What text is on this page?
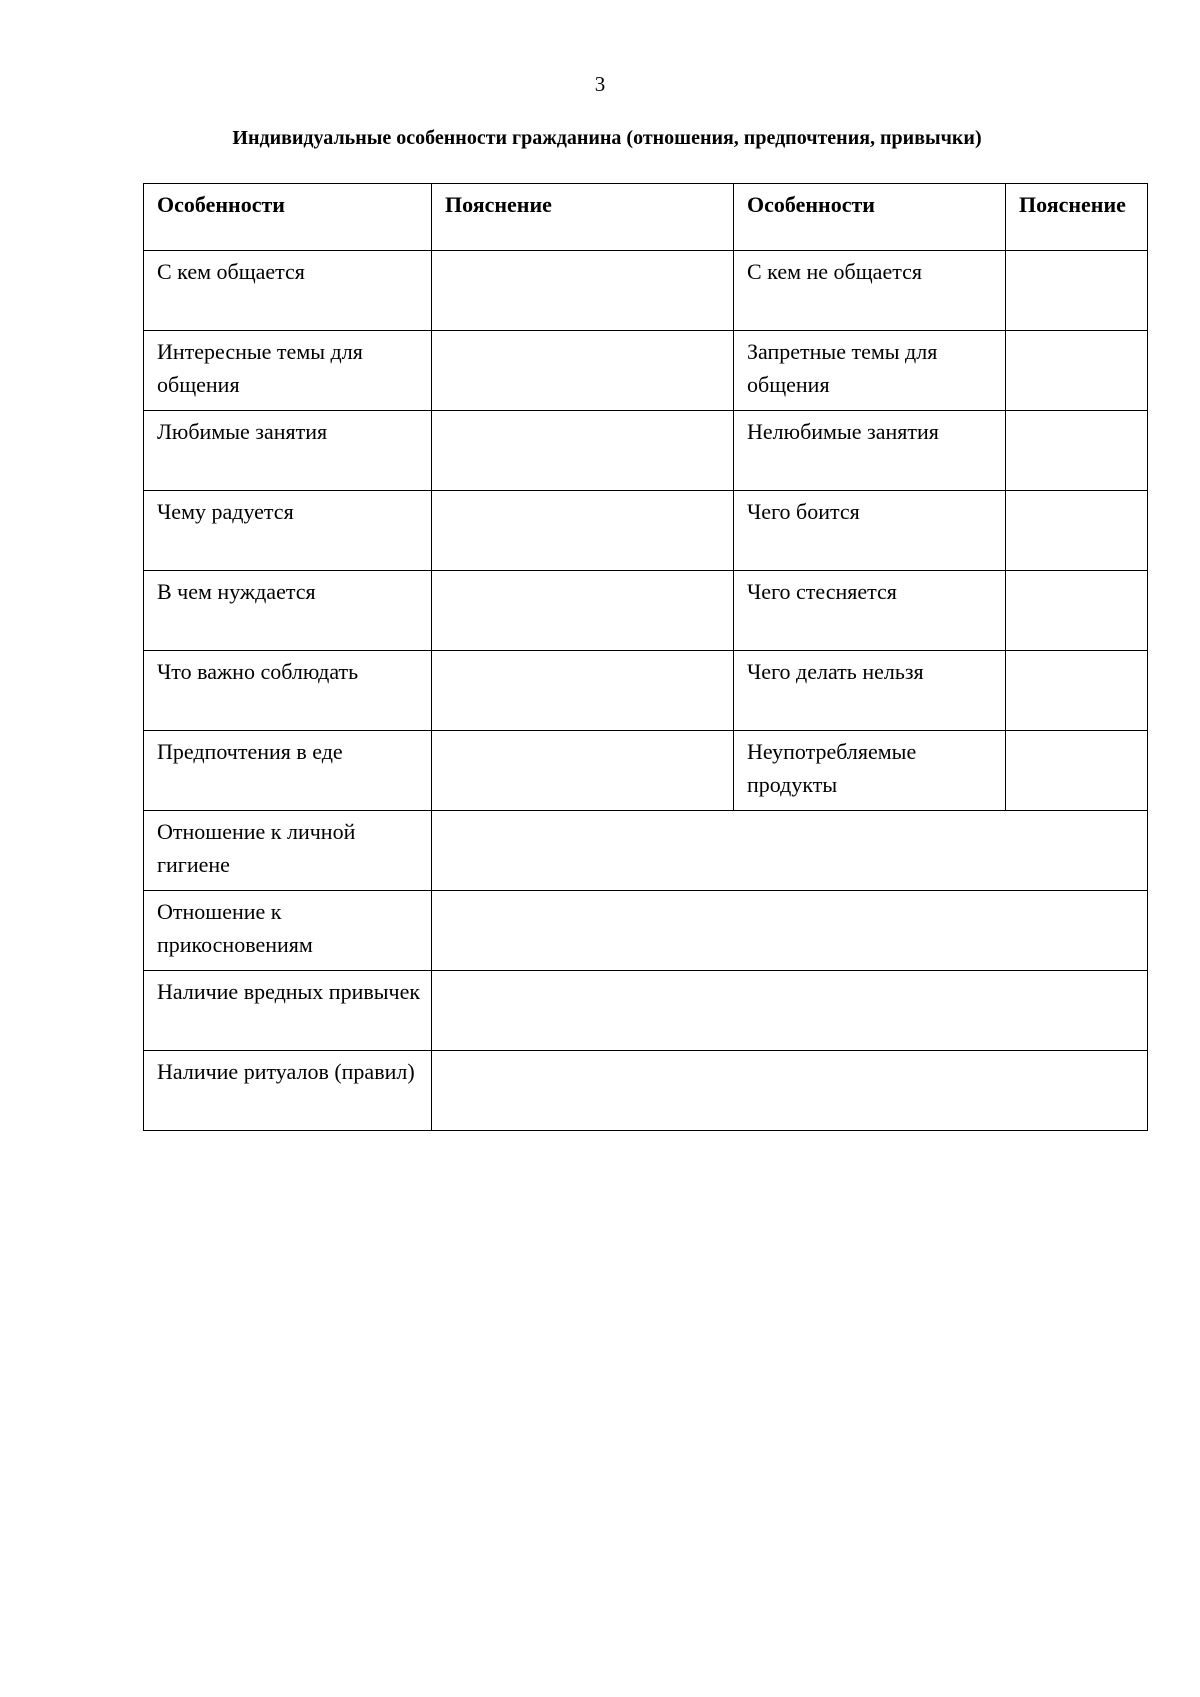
3
Индивидуальные особенности гражданина (отношения, предпочтения, привычки)
Особенности	Пояснение	Особенности	Пояснение

С кем общается		С кем не общается	

Интересные темы для общения		Запретные темы для общения	

Любимые занятия		Нелюбимые занятия	

Чему радуется		Чего боится	

В чем нуждается		Чего стесняется	

Что важно соблюдать		Чего делать нельзя	

Предпочтения в еде		Неупотребляемые продукты	

Отношение к личной гигиене			

Отношение к прикосновениям			

Наличие вредных привычек			

Наличие ритуалов (правил)			
